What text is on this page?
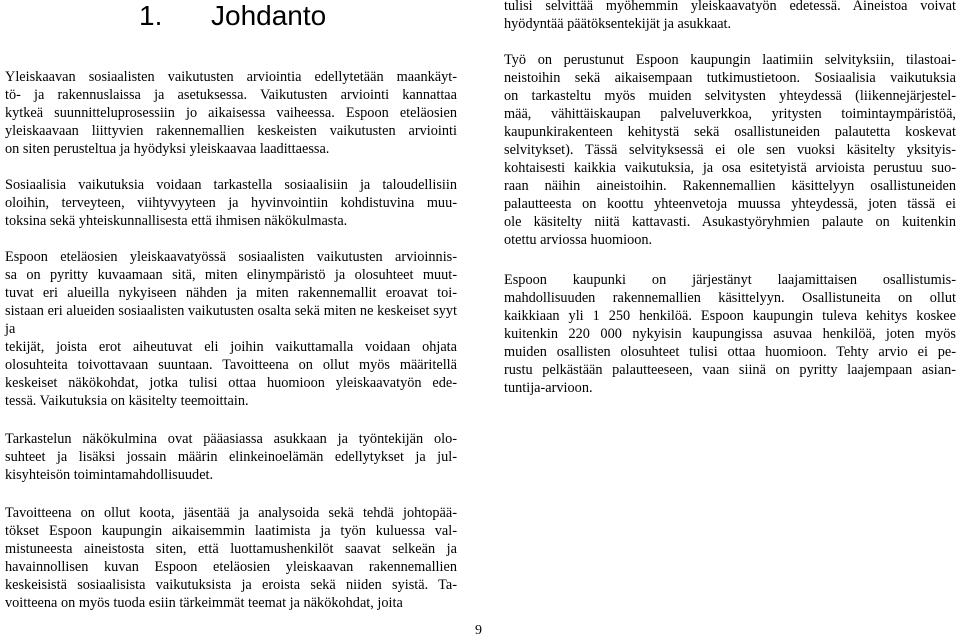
1. Johdanto	tulisi selvittää myöhemmin yleiskaavatyön edetessä. Aineistoa voivat

hyödyntää päätöksentekijät ja asukkaat.

Yleiskaavan sosiaalisten vaikutusten arviointia edellytetään maankäyt-

tö- ja rakennuslaissa ja asetuksessa. Vaikutusten arviointi kannattaa

kytkeä suunnitteluprosessiin jo aikaisessa vaiheessa. Espoon eteläosien

yleiskaavaan liittyvien rakennemallien keskeisten vaikutusten arviointi

on siten perusteltua ja hyödyksi yleiskaavaa laadittaessa.

Sosiaalisia vaikutuksia voidaan tarkastella sosiaalisiin ja taloudellisiin

oloihin, terveyteen, viihtyvyyteen ja hyvinvointiin kohdistuvina muu-

toksina sekä yhteiskunnallisesta että ihmisen näkökulmasta.

Espoon eteläosien yleiskaavatyössä sosiaalisten vaikutusten arvioinnis-

sa on pyritty kuvaamaan sitä, miten elinympäristö ja olosuhteet muut-

tuvat eri alueilla nykyiseen nähden ja miten rakennemallit eroavat toi-

sistaan eri alueiden sosiaalisten vaikutusten osalta sekä miten ne keskeiset syyt ja

tekijät, joista erot aiheutuvat eli joihin vaikuttamalla voidaan ohjata

olosuhteita toivottavaan suuntaan. Tavoitteena on ollut myös määritellä

keskeiset näkökohdat, jotka tulisi ottaa huomioon yleiskaavatyön ede-

tessä. Vaikutuksia on käsitelty teemoittain.

Tarkastelun näkökulmina ovat pääasiassa asukkaan ja työntekijän olo-

suhteet ja lisäksi jossain määrin elinkeinoelämän edellytykset ja jul-

kisyhteisön toimintamahdollisuudet.

Tavoitteena on ollut koota, jäsentää ja analysoida sekä tehdä johtopää-

tökset Espoon kaupungin aikaisemmin laatimista ja työn kuluessa val-

mistuneesta aineistosta siten, että luottamushenkilöt saavat selkeän ja

havainnollisen kuvan Espoon eteläosien yleiskaavan rakennemallien

keskeisistä sosiaalisista vaikutuksista ja eroista sekä niiden syistä. Ta-

voitteena on myös tuoda esiin tärkeimmät teemat ja näkökohdat, joita

Työ on perustunut Espoon kaupungin laatimiin selvityksiin, tilastoai-

neistoihin sekä aikaisempaan tutkimustietoon. Sosiaalisia vaikutuksia

on tarkasteltu myös muiden selvitysten yhteydessä (liikennejärjestel-

mää, vähittäiskaupan palveluverkkoa, yritysten toimintaympäristöä,

kaupunkirakenteen kehitystä sekä osallistuneiden palautetta koskevat

selvitykset). Tässä selvityksessä ei ole sen vuoksi käsitelty yksityis-

kohtaisesti kaikkia vaikutuksia, ja osa esitetyistä arvioista perustuu suo-

raan näihin aineistoihin. Rakennemallien käsittelyyn osallistuneiden

palautteesta on koottu yhteenvetoja muussa yhteydessä, joten tässä ei

ole käsitelty niitä kattavasti. Asukastyöryhmien palaute on kuitenkin

otettu arviossa huomioon.

Espoon kaupunki on järjestänyt laajamittaisen osallistumis-

mahdollisuuden rakennemallien käsittelyyn. Osallistuneita on ollut

kaikkiaan yli 1 250 henkilöä. Espoon kaupungin tuleva kehitys koskee

kuitenkin 220 000 nykyisin kaupungissa asuvaa henkilöä, joten myös

muiden osallisten olosuhteet tulisi ottaa huomioon. Tehty arvio ei pe-

rustu pelkästään palautteeseen, vaan siinä on pyritty laajempaan asian-

tuntija-arvioon.

9
